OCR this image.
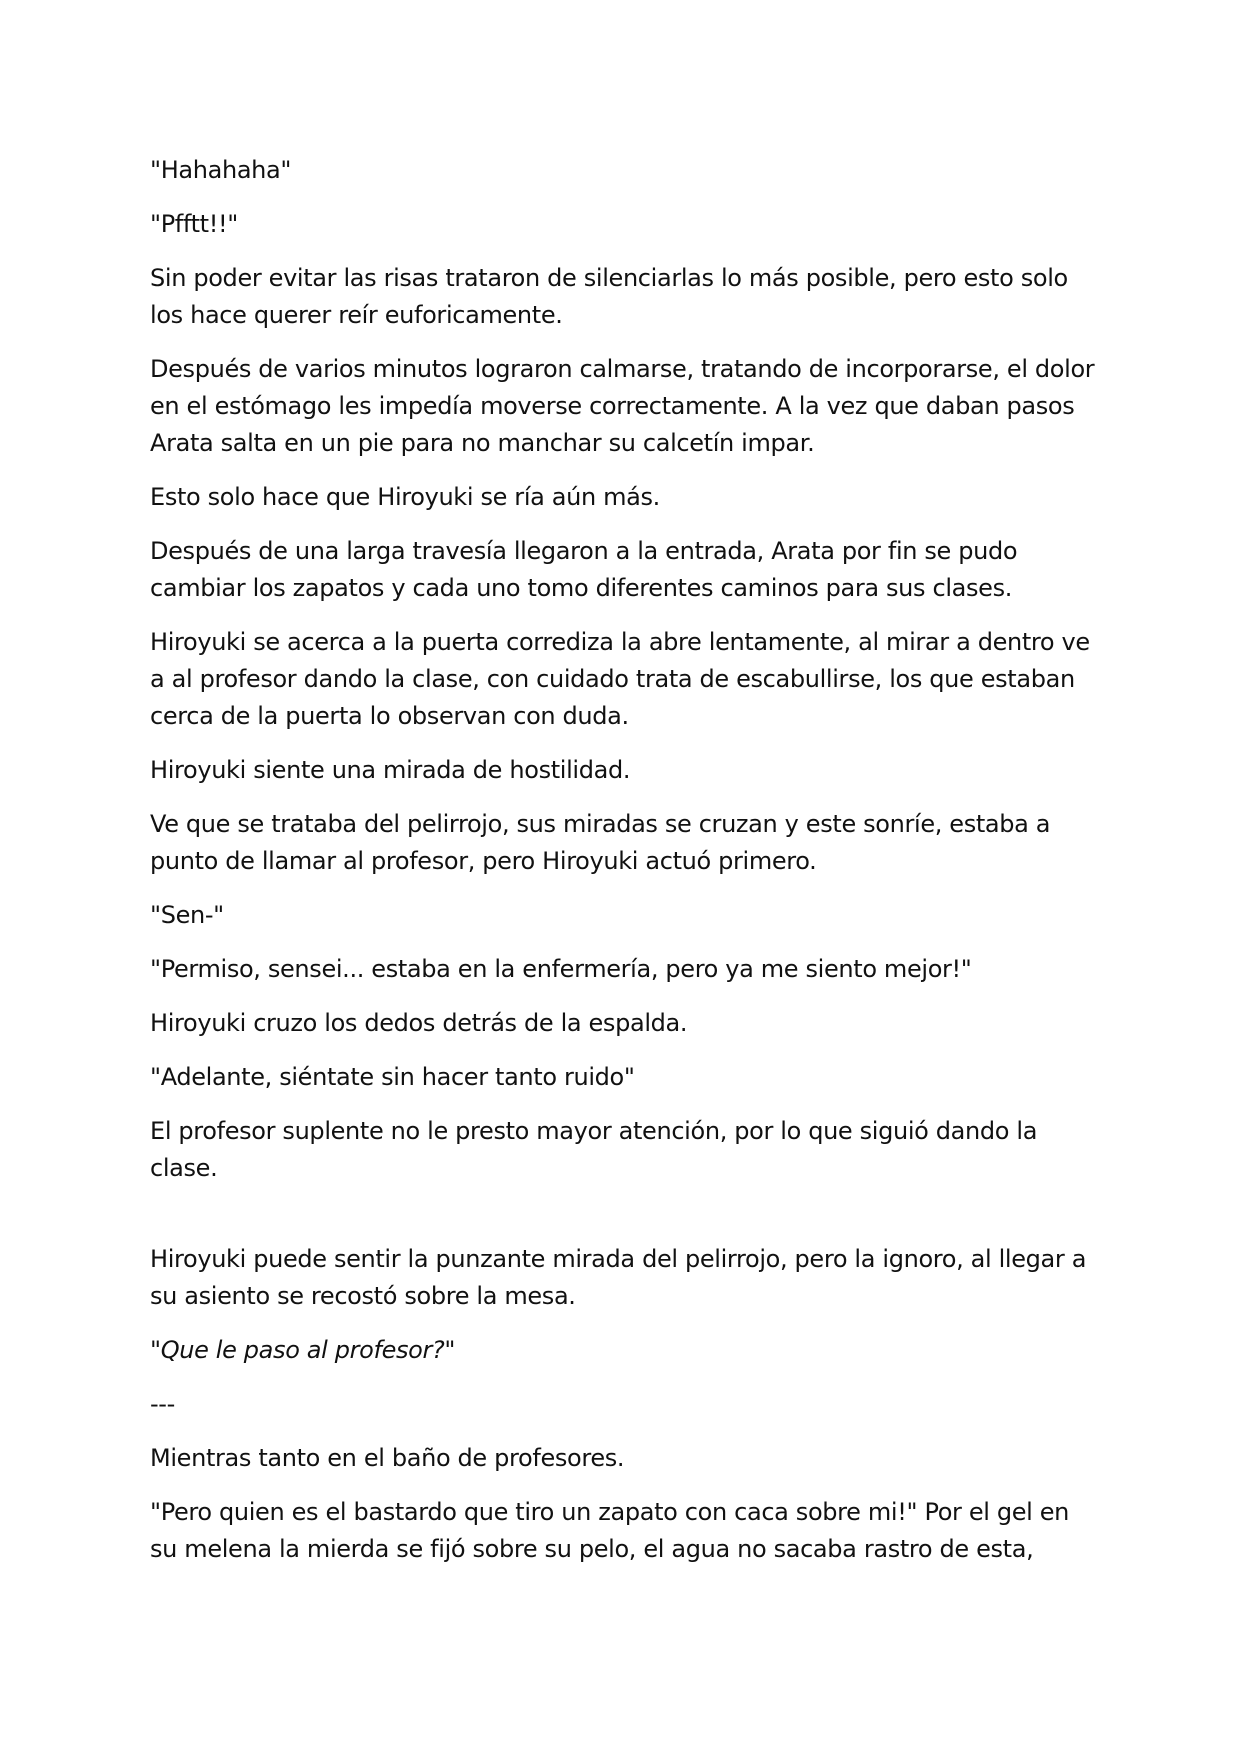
"Hahahaha"

"Pfftt!!"

Sin poder evitar las risas trataron de silenciarlas lo más posible, pero esto solo los hace querer reír euforicamente.

Después de varios minutos lograron calmarse, tratando de incorporarse, el dolor en el estómago les impedía moverse correctamente. A la vez que daban pasos Arata salta en un pie para no manchar su calcetín impar.

Esto solo hace que Hiroyuki se ría aún más.

Después de una larga travesía llegaron a la entrada, Arata por fin se pudo cambiar los zapatos y cada uno tomo diferentes caminos para sus clases.

Hiroyuki se acerca a la puerta corrediza la abre lentamente, al mirar a dentro ve a al profesor dando la clase, con cuidado trata de escabullirse, los que estaban cerca de la puerta lo observan con duda.

Hiroyuki siente una mirada de hostilidad.

Ve que se trataba del pelirrojo, sus miradas se cruzan y este sonríe, estaba a punto de llamar al profesor, pero Hiroyuki actuó primero.

"Sen-"

"Permiso, sensei... estaba en la enfermería, pero ya me siento mejor!"

Hiroyuki cruzo los dedos detrás de la espalda.

"Adelante, siéntate sin hacer tanto ruido"

El profesor suplente no le presto mayor atención, por lo que siguió dando la clase.

Hiroyuki puede sentir la punzante mirada del pelirrojo, pero la ignoro, al llegar a su asiento se recostó sobre la mesa.

"Que le paso al profesor?"

---

Mientras tanto en el baño de profesores.

"Pero quien es el bastardo que tiro un zapato con caca sobre mi!" Por el gel en su melena la mierda se fijó sobre su pelo, el agua no sacaba rastro de esta,
